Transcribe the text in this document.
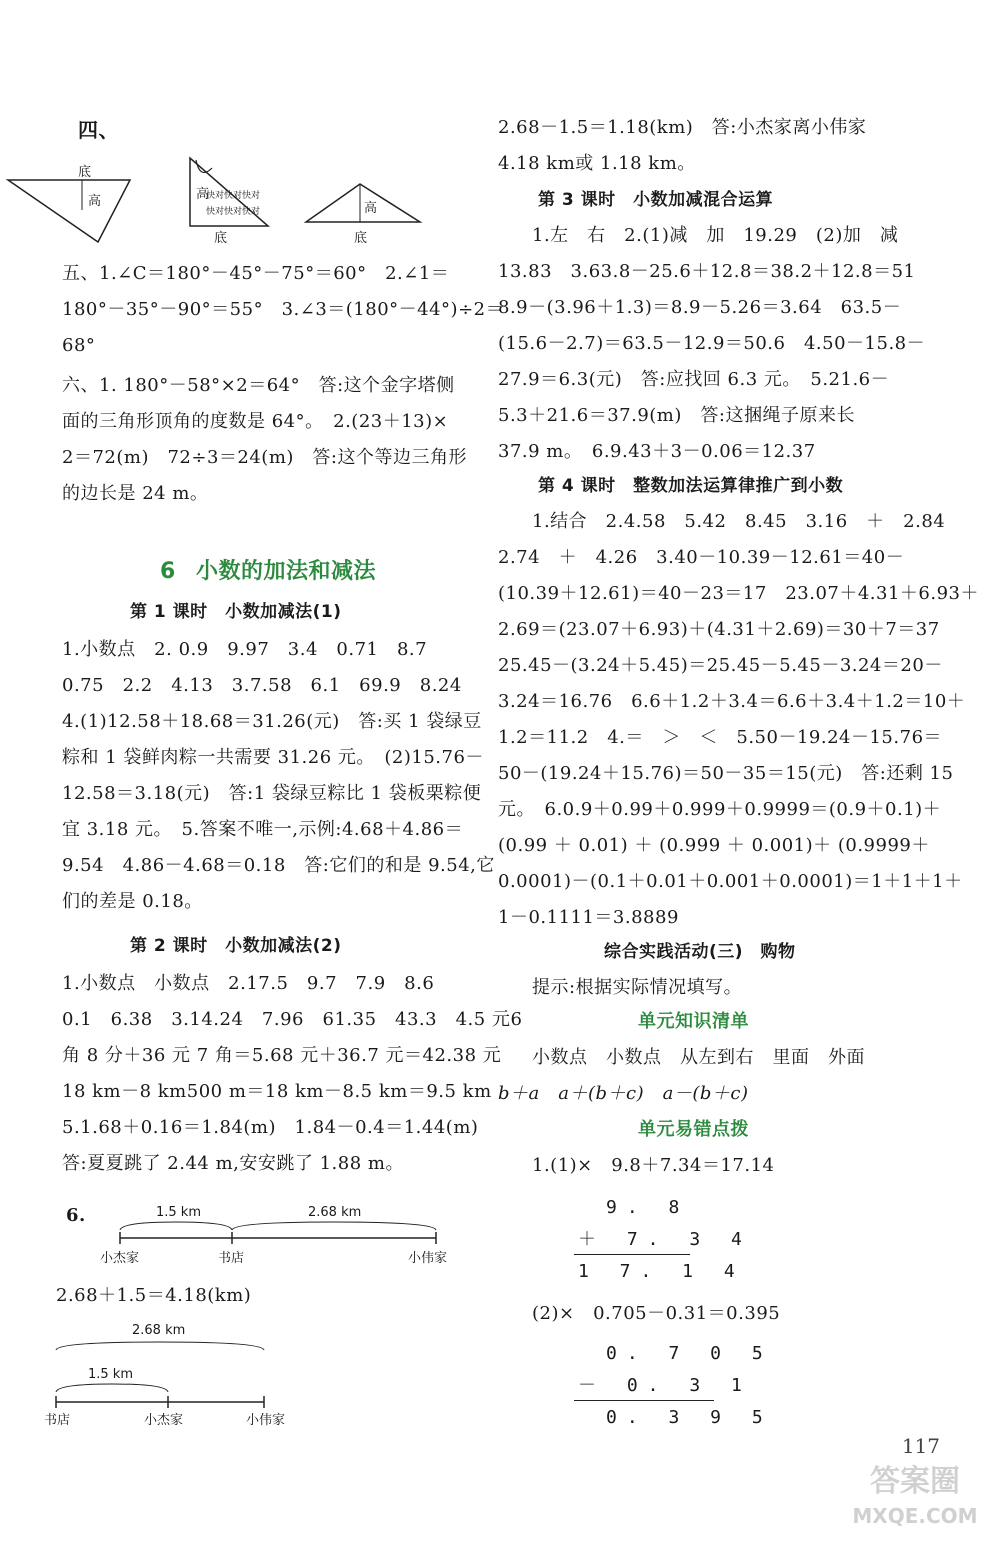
四、
底
高	高
快对快对快对
快对快对快对
底
高
底
五、1.∠C＝180°－45°－75°＝60°　2.∠1＝
180°－35°－90°＝55°　3.∠3＝(180°－44°)÷2＝
68°
六、1. 180°－58°×2＝64°　答:这个金字塔侧
面的三角形顶角的度数是 64°。　2.(23＋13)×
2＝72(m)　72÷3＝24(m)　答:这个等边三角形
的边长是 24 m。
6 小数的加法和减法
第 1 课时　小数加减法(1)
1.小数点　2. 0.9　9.97　3.4　0.71　8.7
0.75　2.2　4.13　3.7.58　6.1　69.9　8.24
4.(1)12.58＋18.68＝31.26(元)　答:买 1 袋绿豆
粽和 1 袋鲜肉粽一共需要 31.26 元。　(2)15.76－
12.58＝3.18(元)　答:1 袋绿豆粽比 1 袋板栗粽便
宜 3.18 元。　5.答案不唯一,示例:4.68＋4.86＝
9.54　4.86－4.68＝0.18　答:它们的和是 9.54,它
们的差是 0.18。
第 2 课时　小数加减法(2)
1.小数点　小数点　2.17.5　9.7　7.9　8.6
0.1　6.38　3.14.24　7.96　61.35　43.3　4.5 元6
角 8 分＋36 元 7 角＝5.68 元＋36.7 元＝42.38 元
18 km－8 km500 m＝18 km－8.5 km＝9.5 km
5.1.68＋0.16＝1.84(m)　1.84－0.4＝1.44(m)
答:夏夏跳了 2.44 m,安安跳了 1.88 m。
6.	1.5 km	2.68 km
小杰家	书店	小伟家
2.68＋1.5＝4.18(km)
2.68 km
1.5 km
书店	小杰家	小伟家
2.68－1.5＝1.18(km)　答:小杰家离小伟家
4.18 km或 1.18 km。
第 3 课时　小数加减混合运算
1.左　右　2.(1)减　加　19.29　(2)加　减
13.83　3.63.8－25.6＋12.8＝38.2＋12.8＝51
8.9－(3.96＋1.3)＝8.9－5.26＝3.64　63.5－
(15.6－2.7)＝63.5－12.9＝50.6　4.50－15.8－
27.9＝6.3(元)　答:应找回 6.3 元。　5.21.6－
5.3＋21.6＝37.9(m)　答:这捆绳子原来长
37.9 m。　6.9.43＋3－0.06＝12.37
第 4 课时　整数加法运算律推广到小数
1.结合　2.4.58　5.42　8.45　3.16　＋　2.84
2.74　＋　4.26　3.40－10.39－12.61＝40－
(10.39＋12.61)＝40－23＝17　23.07＋4.31＋6.93＋
2.69＝(23.07＋6.93)＋(4.31＋2.69)＝30＋7＝37
25.45－(3.24＋5.45)＝25.45－5.45－3.24＝20－
3.24＝16.76　6.6＋1.2＋3.4＝6.6＋3.4＋1.2＝10＋
1.2＝11.2　4.＝　＞　＜　5.50－19.24－15.76＝
50－(19.24＋15.76)＝50－35＝15(元)　答:还剩 15
元。　6.0.9＋0.99＋0.999＋0.9999＝(0.9＋0.1)＋
(0.99 ＋ 0.01) ＋ (0.999 ＋ 0.001)＋ (0.9999＋
0.0001)－(0.1＋0.01＋0.001＋0.0001)＝1＋1＋1＋
1－0.1111＝3.8889
综合实践活动(三)　购物
提示:根据实际情况填写。
单元知识清单
小数点　小数点　从左到右　里面　外面
b＋a　a＋(b＋c)　a－(b＋c)
单元易错点拨
1.(1)×　9.8＋7.34＝17.14
9. 8
＋ 7. 3 4
1 7. 1 4
(2)×　0.705－0.31＝0.395
0. 7 0 5
－ 0. 3 1
0. 3 9 5
117
答案圈
MXQE.COM
